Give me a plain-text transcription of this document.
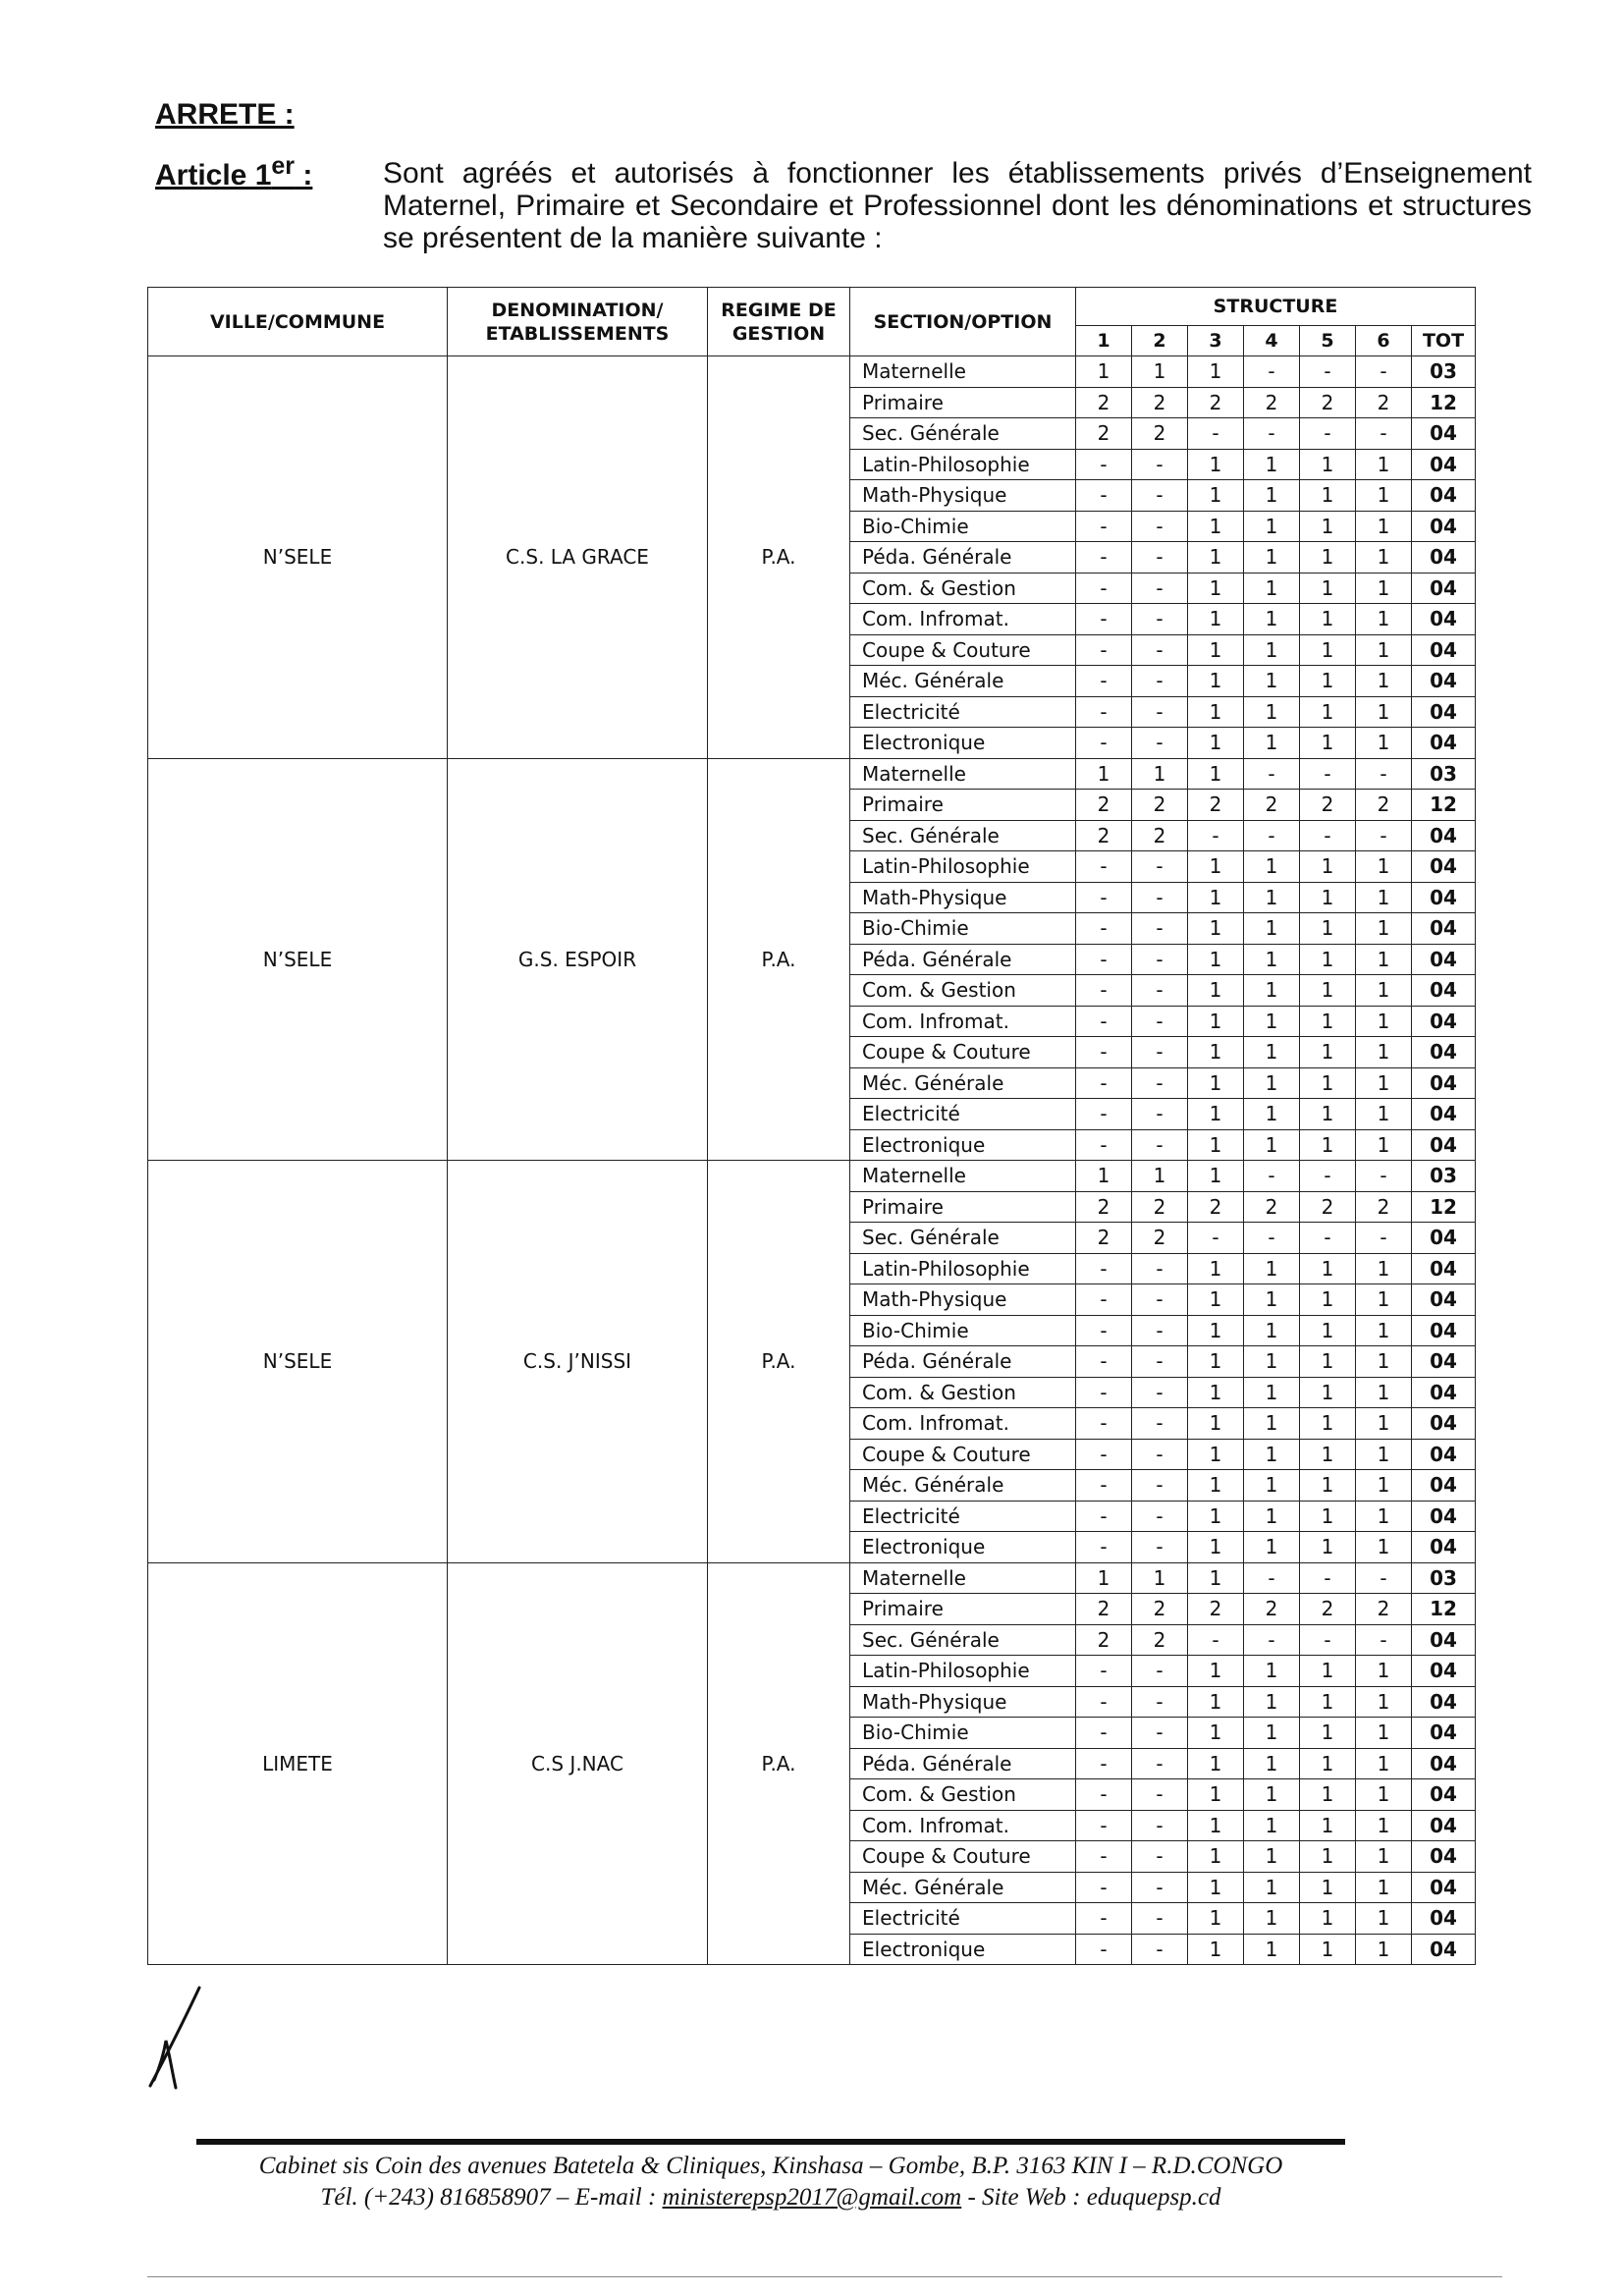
ARRETE :
Article 1er : Sont agréés et autorisés à fonctionner les établissements privés d’Enseignement Maternel, Primaire et Secondaire et Professionnel dont les dénominations et structures se présentent de la manière suivante :
VILLE/COMMUNE	DENOMINATION/ ETABLISSEMENTS	REGIME DE GESTION	SECTION/OPTION	STRUCTURE						
				1	2	3	4	5	6	TOT
N’SELE	C.S. LA GRACE	P.A.	Maternelle	1	1	1	-	-	-	03
			Primaire	2	2	2	2	2	2	12
			Sec. Générale	2	2	-	-	-	-	04
			Latin-Philosophie	-	-	1	1	1	1	04
			Math-Physique	-	-	1	1	1	1	04
			Bio-Chimie	-	-	1	1	1	1	04
			Péda. Générale	-	-	1	1	1	1	04
			Com. & Gestion	-	-	1	1	1	1	04
			Com. Infromat.	-	-	1	1	1	1	04
			Coupe & Couture	-	-	1	1	1	1	04
			Méc. Générale	-	-	1	1	1	1	04
			Electricité	-	-	1	1	1	1	04
			Electronique	-	-	1	1	1	1	04
N’SELE	G.S. ESPOIR	P.A.	Maternelle	1	1	1	-	-	-	03
			Primaire	2	2	2	2	2	2	12
			Sec. Générale	2	2	-	-	-	-	04
			Latin-Philosophie	-	-	1	1	1	1	04
			Math-Physique	-	-	1	1	1	1	04
			Bio-Chimie	-	-	1	1	1	1	04
			Péda. Générale	-	-	1	1	1	1	04
			Com. & Gestion	-	-	1	1	1	1	04
			Com. Infromat.	-	-	1	1	1	1	04
			Coupe & Couture	-	-	1	1	1	1	04
			Méc. Générale	-	-	1	1	1	1	04
			Electricité	-	-	1	1	1	1	04
			Electronique	-	-	1	1	1	1	04
N’SELE	C.S. J’NISSI	P.A.	Maternelle	1	1	1	-	-	-	03
			Primaire	2	2	2	2	2	2	12
			Sec. Générale	2	2	-	-	-	-	04
			Latin-Philosophie	-	-	1	1	1	1	04
			Math-Physique	-	-	1	1	1	1	04
			Bio-Chimie	-	-	1	1	1	1	04
			Péda. Générale	-	-	1	1	1	1	04
			Com. & Gestion	-	-	1	1	1	1	04
			Com. Infromat.	-	-	1	1	1	1	04
			Coupe & Couture	-	-	1	1	1	1	04
			Méc. Générale	-	-	1	1	1	1	04
			Electricité	-	-	1	1	1	1	04
			Electronique	-	-	1	1	1	1	04
LIMETE	C.S J.NAC	P.A.	Maternelle	1	1	1	-	-	-	03
			Primaire	2	2	2	2	2	2	12
			Sec. Générale	2	2	-	-	-	-	04
			Latin-Philosophie	-	-	1	1	1	1	04
			Math-Physique	-	-	1	1	1	1	04
			Bio-Chimie	-	-	1	1	1	1	04
			Péda. Générale	-	-	1	1	1	1	04
			Com. & Gestion	-	-	1	1	1	1	04
			Com. Infromat.	-	-	1	1	1	1	04
			Coupe & Couture	-	-	1	1	1	1	04
			Méc. Générale	-	-	1	1	1	1	04
			Electricité	-	-	1	1	1	1	04
			Electronique	-	-	1	1	1	1	04
Cabinet sis Coin des avenues Batetela & Cliniques, Kinshasa – Gombe, B.P. 3163 KIN I – R.D.CONGO
Tél. (+243) 816858907 – E-mail : ministerepsp2017@gmail.com - Site Web : eduquepsp.cd
